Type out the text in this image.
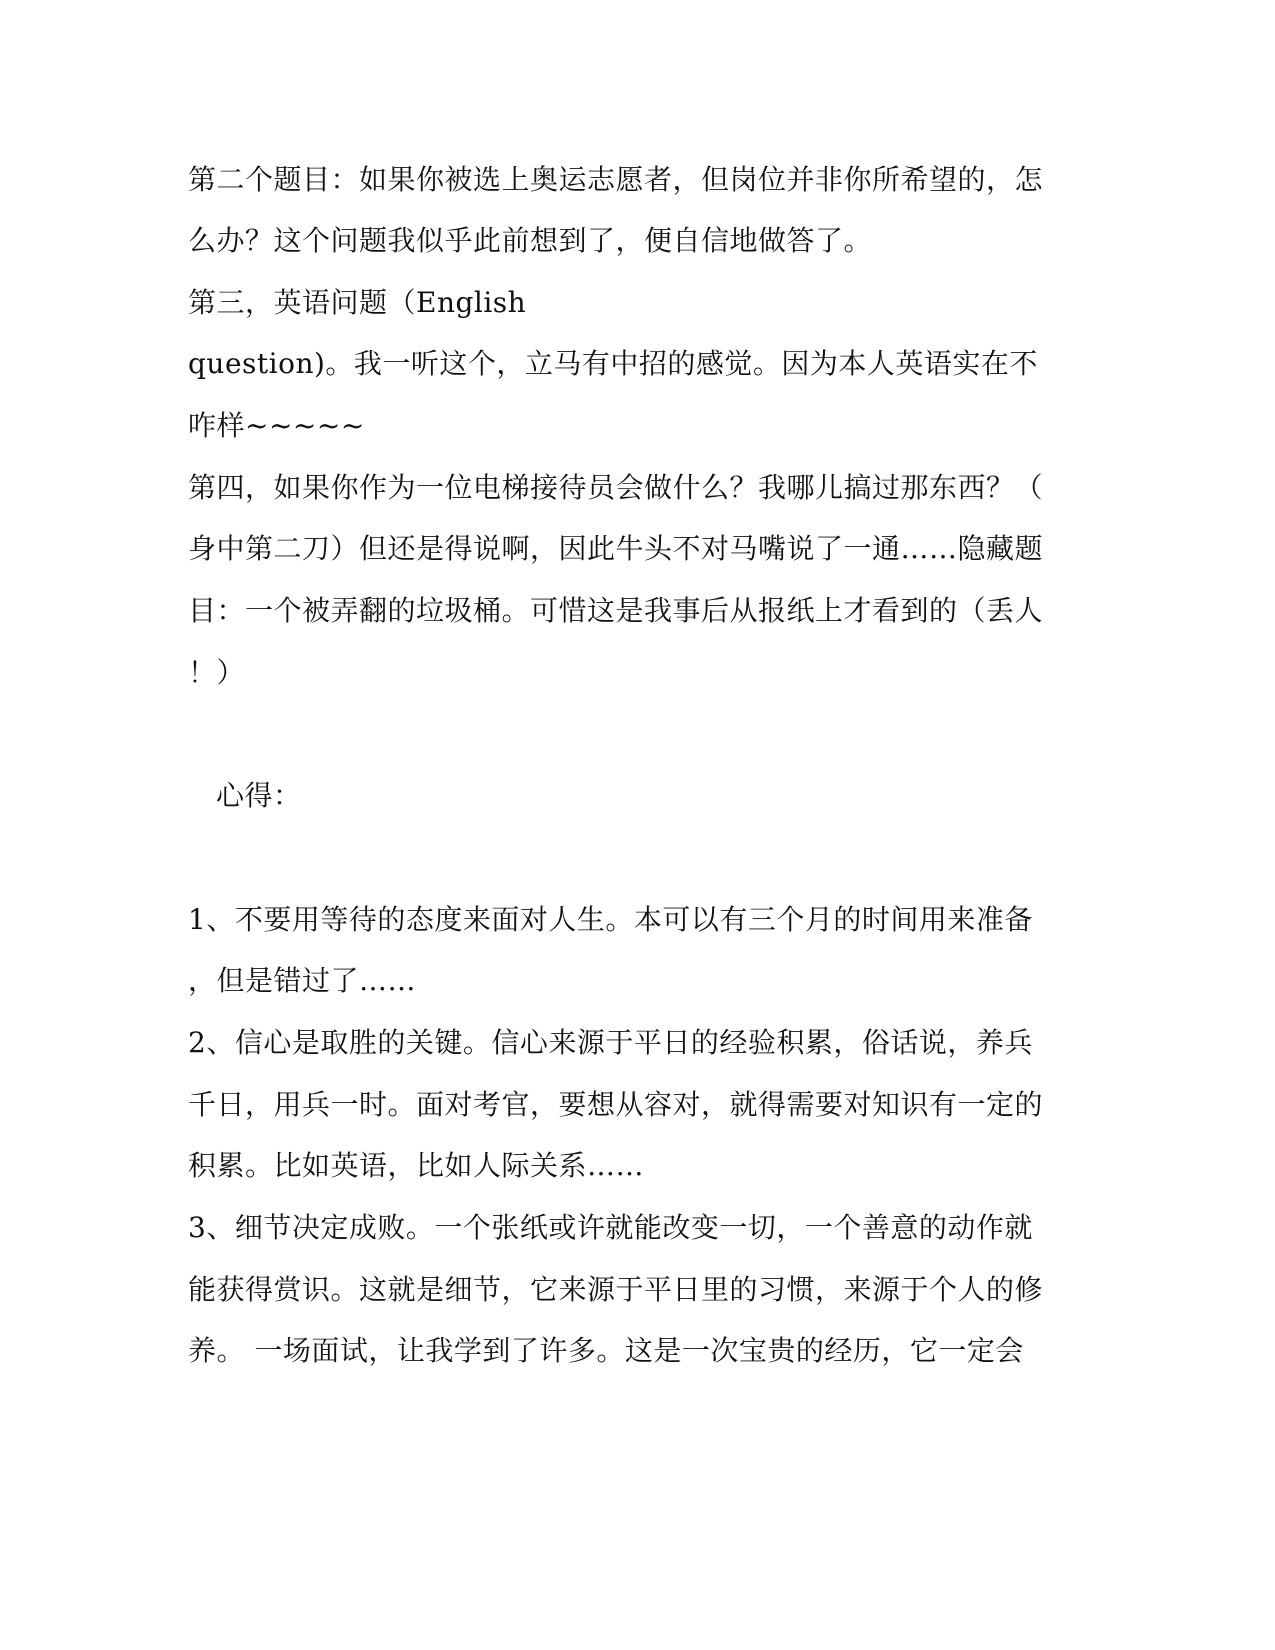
第二个题目：如果你被选上奥运志愿者，但岗位并非你所希望的，怎
么办？这个问题我似乎此前想到了，便自信地做答了。
第三，英语问题（English
question)。我一听这个，立马有中招的感觉。因为本人英语实在不
咋样~~~~~
第四，如果你作为一位电梯接待员会做什么？我哪儿搞过那东西？（
身中第二刀）但还是得说啊，因此牛头不对马嘴说了一通……隐藏题
目：一个被弄翻的垃圾桶。可惜这是我事后从报纸上才看到的（丢人
！）
心得：
1、不要用等待的态度来面对人生。本可以有三个月的时间用来准备
，但是错过了……
2、信心是取胜的关键。信心来源于平日的经验积累，俗话说，养兵
千日，用兵一时。面对考官，要想从容对，就得需要对知识有一定的
积累。比如英语，比如人际关系……
3、细节决定成败。一个张纸或许就能改变一切，一个善意的动作就
能获得赏识。这就是细节，它来源于平日里的习惯，来源于个人的修
养。 一场面试，让我学到了许多。这是一次宝贵的经历，它一定会
